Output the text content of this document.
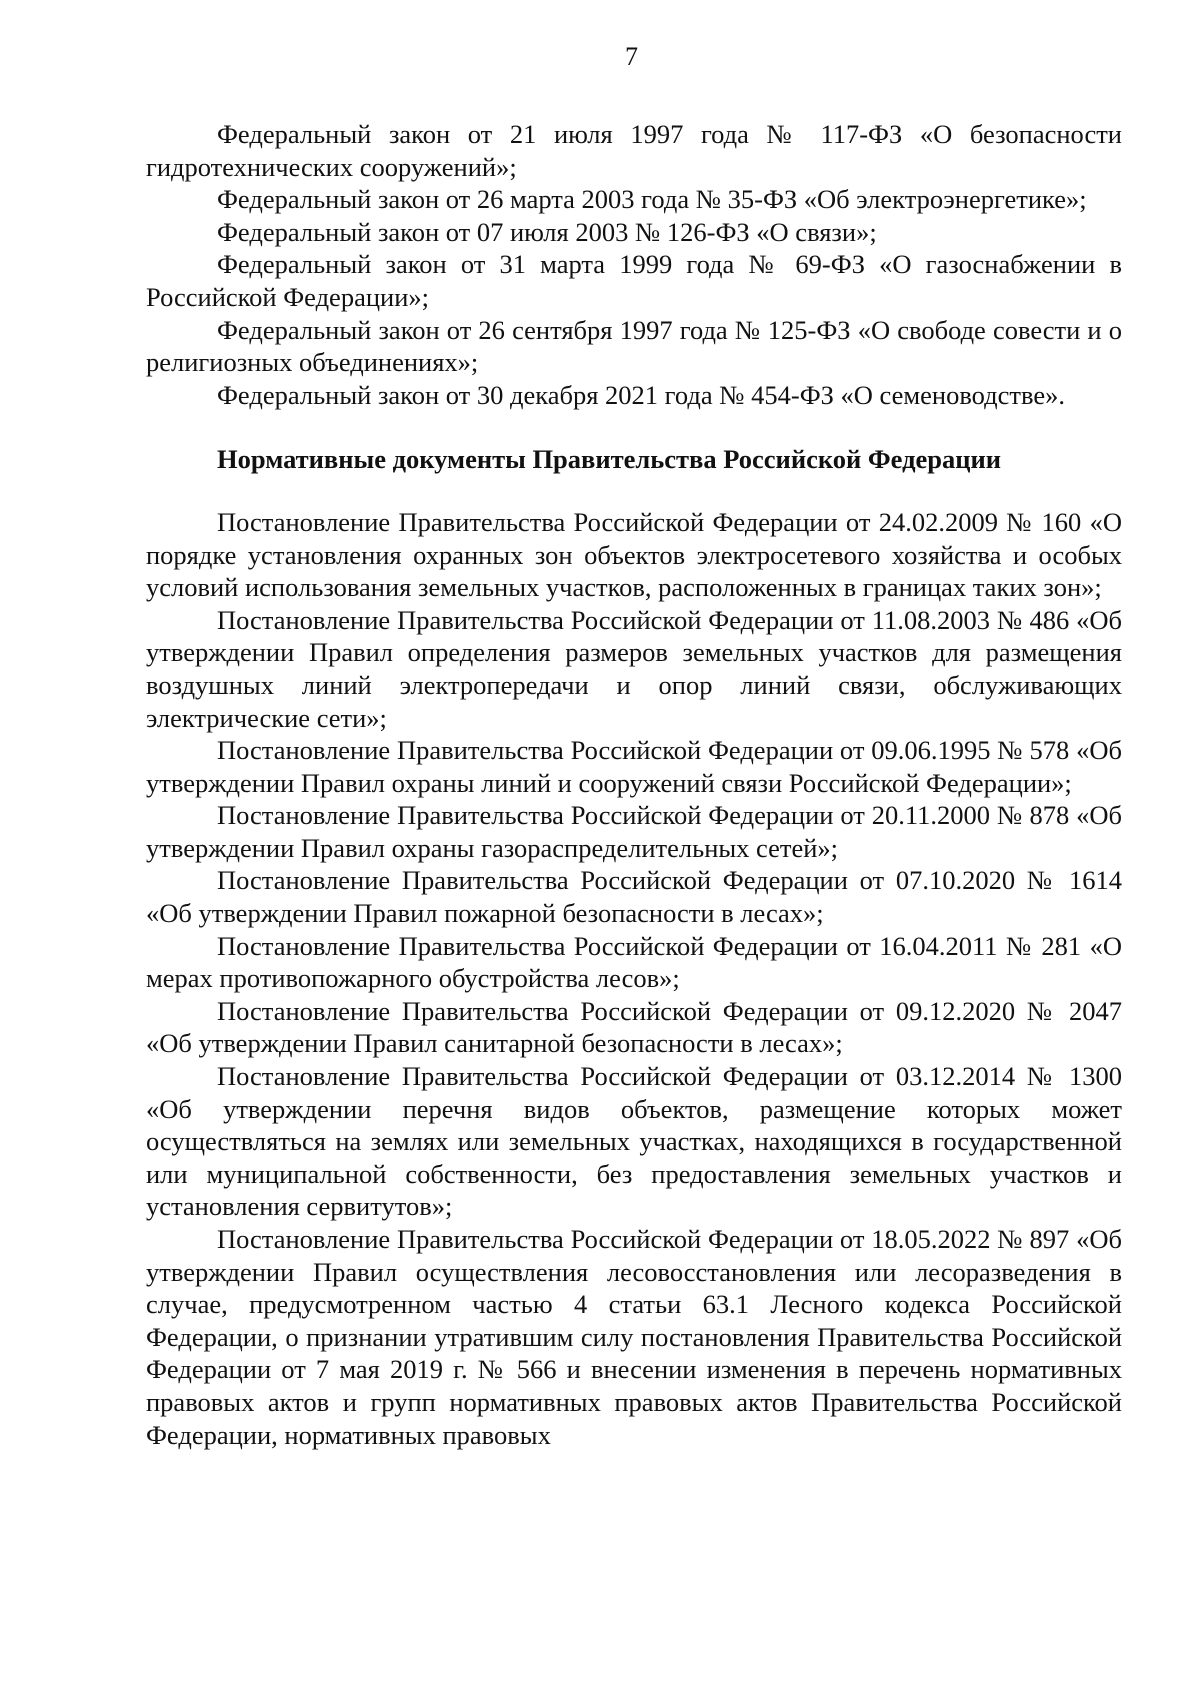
7

Федеральный закон от 21 июля 1997 года № 117-ФЗ «О безопасности гидротехнических сооружений»;

Федеральный закон от 26 марта 2003 года № 35-ФЗ «Об электроэнергетике»;

Федеральный закон от 07 июля 2003 № 126-ФЗ «О связи»;

Федеральный закон от 31 марта 1999 года № 69-ФЗ «О газоснабжении в Российской Федерации»;

Федеральный закон от 26 сентября 1997 года № 125-ФЗ «О свободе совести и о религиозных объединениях»;

Федеральный закон от 30 декабря 2021 года № 454-ФЗ «О семеноводстве».

Нормативные документы Правительства Российской Федерации

Постановление Правительства Российской Федерации от 24.02.2009 № 160 «О порядке установления охранных зон объектов электросетевого хозяйства и особых условий использования земельных участков, расположенных в границах таких зон»;

Постановление Правительства Российской Федерации от 11.08.2003 № 486 «Об утверждении Правил определения размеров земельных участков для размещения воздушных линий электропередачи и опор линий связи, обслуживающих электрические сети»;

Постановление Правительства Российской Федерации от 09.06.1995 № 578 «Об утверждении Правил охраны линий и сооружений связи Российской Федерации»;

Постановление Правительства Российской Федерации от 20.11.2000 № 878 «Об утверждении Правил охраны газораспределительных сетей»;

Постановление Правительства Российской Федерации от 07.10.2020 № 1614 «Об утверждении Правил пожарной безопасности в лесах»;

Постановление Правительства Российской Федерации от 16.04.2011 № 281 «О мерах противопожарного обустройства лесов»;

Постановление Правительства Российской Федерации от 09.12.2020 № 2047 «Об утверждении Правил санитарной безопасности в лесах»;

Постановление Правительства Российской Федерации от 03.12.2014 № 1300 «Об утверждении перечня видов объектов, размещение которых может осуществляться на землях или земельных участках, находящихся в государственной или муниципальной собственности, без предоставления земельных участков и установления сервитутов»;

Постановление Правительства Российской Федерации от 18.05.2022 № 897 «Об утверждении Правил осуществления лесовосстановления или лесоразведения в случае, предусмотренном частью 4 статьи 63.1 Лесного кодекса Российской Федерации, о признании утратившим силу постановления Правительства Российской Федерации от 7 мая 2019 г. № 566 и внесении изменения в перечень нормативных правовых актов и групп нормативных правовых актов Правительства Российской Федерации, нормативных правовых
